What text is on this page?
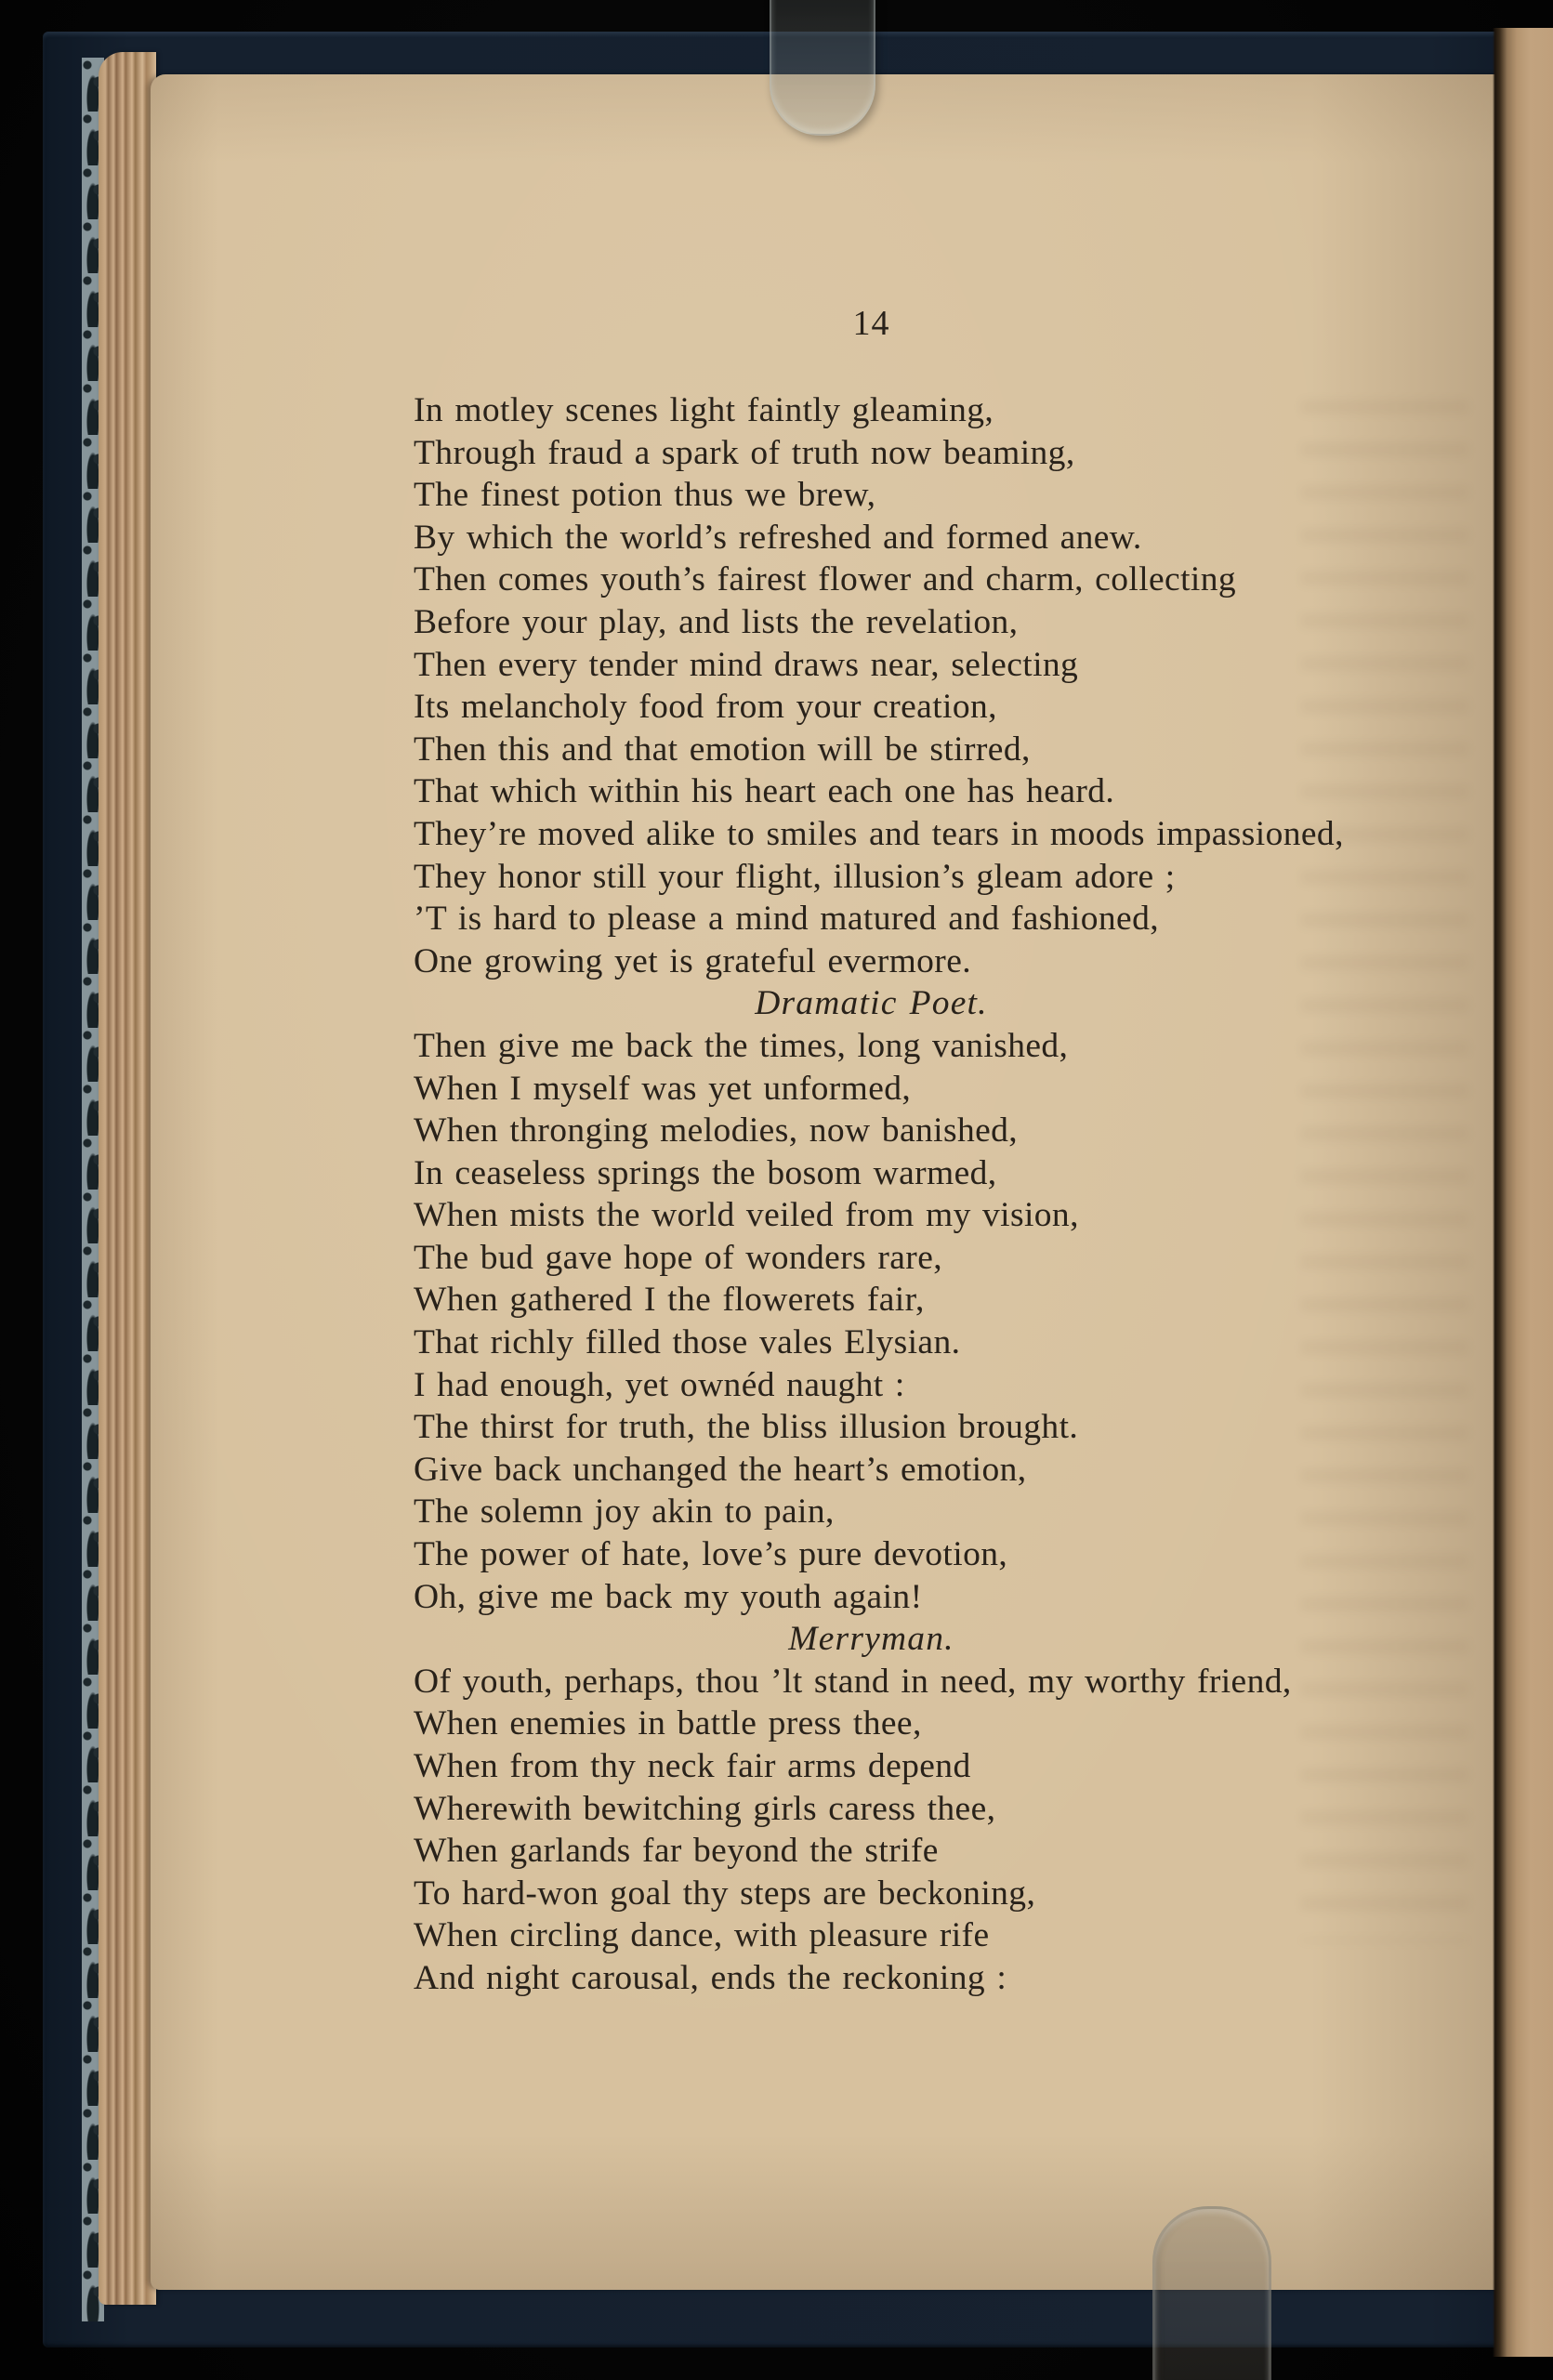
14
In motley scenes light faintly gleaming,
Through fraud a spark of truth now beaming,
The finest potion thus we brew,
By which the world’s refreshed and formed anew.
Then comes youth’s fairest flower and charm, collecting
Before your play, and lists the revelation,
Then every tender mind draws near, selecting
Its melancholy food from your creation,
Then this and that emotion will be stirred,
That which within his heart each one has heard.
They’re moved alike to smiles and tears in moods impassioned,
They honor still your flight, illusion’s gleam adore ;
’T is hard to please a mind matured and fashioned,
One growing yet is grateful evermore.
Dramatic Poet.
Then give me back the times, long vanished,
When I myself was yet unformed,
When thronging melodies, now banished,
In ceaseless springs the bosom warmed,
When mists the world veiled from my vision,
The bud gave hope of wonders rare,
When gathered I the flowerets fair,
That richly filled those vales Elysian.
I had enough, yet ownéd naught :
The thirst for truth, the bliss illusion brought.
Give back unchanged the heart’s emotion,
The solemn joy akin to pain,
The power of hate, love’s pure devotion,
Oh, give me back my youth again!
Merryman.
Of youth, perhaps, thou ’lt stand in need, my worthy friend,
When enemies in battle press thee,
When from thy neck fair arms depend
Wherewith bewitching girls caress thee,
When garlands far beyond the strife
To hard-won goal thy steps are beckoning,
When circling dance, with pleasure rife
And night carousal, ends the reckoning :
